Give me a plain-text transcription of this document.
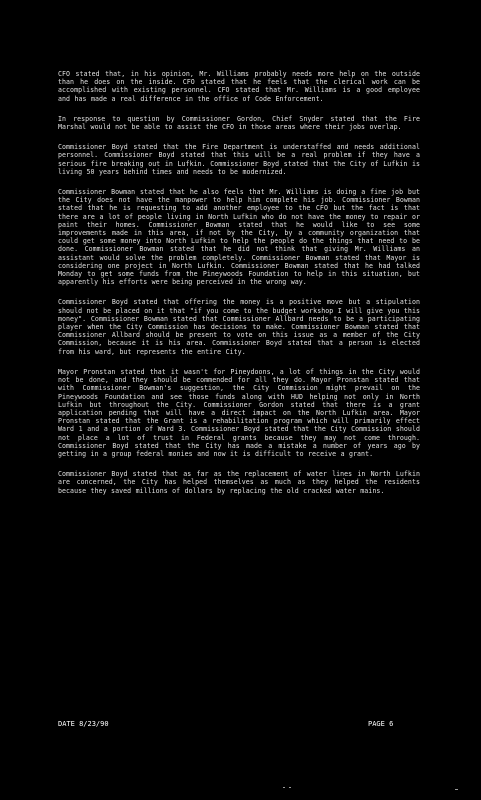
CFO stated that, in his opinion, Mr. Williams probably needs more help on the outside than he does on the inside. CFO stated that he feels that the clerical work can be accomplished with existing personnel. CFO stated that Mr. Williams is a good employee and has made a real difference in the office of Code Enforcement.

In response to question by Commissioner Gordon, Chief Snyder stated that the Fire Marshal would not be able to assist the CFO in those areas where their jobs overlap.

Commissioner Boyd stated that the Fire Department is understaffed and needs additional personnel. Commissioner Boyd stated that this will be a real problem if they have a serious fire breaking out in Lufkin. Commissioner Boyd stated that the City of Lufkin is living 50 years behind times and needs to be modernized.

Commissioner Bowman stated that he also feels that Mr. Williams is doing a fine job but the City does not have the manpower to help him complete his job. Commissioner Bowman stated that he is requesting to add another employee to the CFO but the fact is that there are a lot of people living in North Lufkin who do not have the money to repair or paint their homes. Commissioner Bowman stated that he would like to see some improvements made in this area, if not by the City, by a community organization that could get some money into North Lufkin to help the people do the things that need to be done. Commissioner Bowman stated that he did not think that giving Mr. Williams an assistant would solve the problem completely. Commissioner Bowman stated that Mayor is considering one project in North Lufkin. Commissioner Bowman stated that he had talked Monday to get some funds from the Pineywoods Foundation to help in this situation, but apparently his efforts were being perceived in the wrong way.

Commissioner Boyd stated that offering the money is a positive move but a stipulation should not be placed on it that "if you come to the budget workshop I will give you this money". Commissioner Bowman stated that Commissioner Allbard needs to be a participating player when the City Commission has decisions to make. Commissioner Bowman stated that Commissioner Allbard should be present to vote on this issue as a member of the City Commission, because it is his area. Commissioner Boyd stated that a person is elected from his ward, but represents the entire City.

Mayor Pronstan stated that it wasn't for Pineydoons, a lot of things in the City would not be done, and they should be commended for all they do. Mayor Pronstan stated that with Commissioner Bowman's suggestion, the City Commission might prevail on the Pineywoods Foundation and see those funds along with HUD helping not only in North Lufkin but throughout the City. Commissioner Gordon stated that there is a grant application pending that will have a direct impact on the North Lufkin area. Mayor Pronstan stated that the Grant is a rehabilitation program which will primarily effect Ward 1 and a portion of Ward 3. Commissioner Boyd stated that the City Commission should not place a lot of trust in Federal grants because they may not come through. Commissioner Boyd stated that the City has made a mistake a number of years ago by getting in a group federal monies and now it is difficult to receive a grant.

Commissioner Boyd stated that as far as the replacement of water lines in North Lufkin are concerned, the City has helped themselves as much as they helped the residents because they saved millions of dollars by replacing the old cracked water mains.

DATE 8/23/90	PAGE 6
